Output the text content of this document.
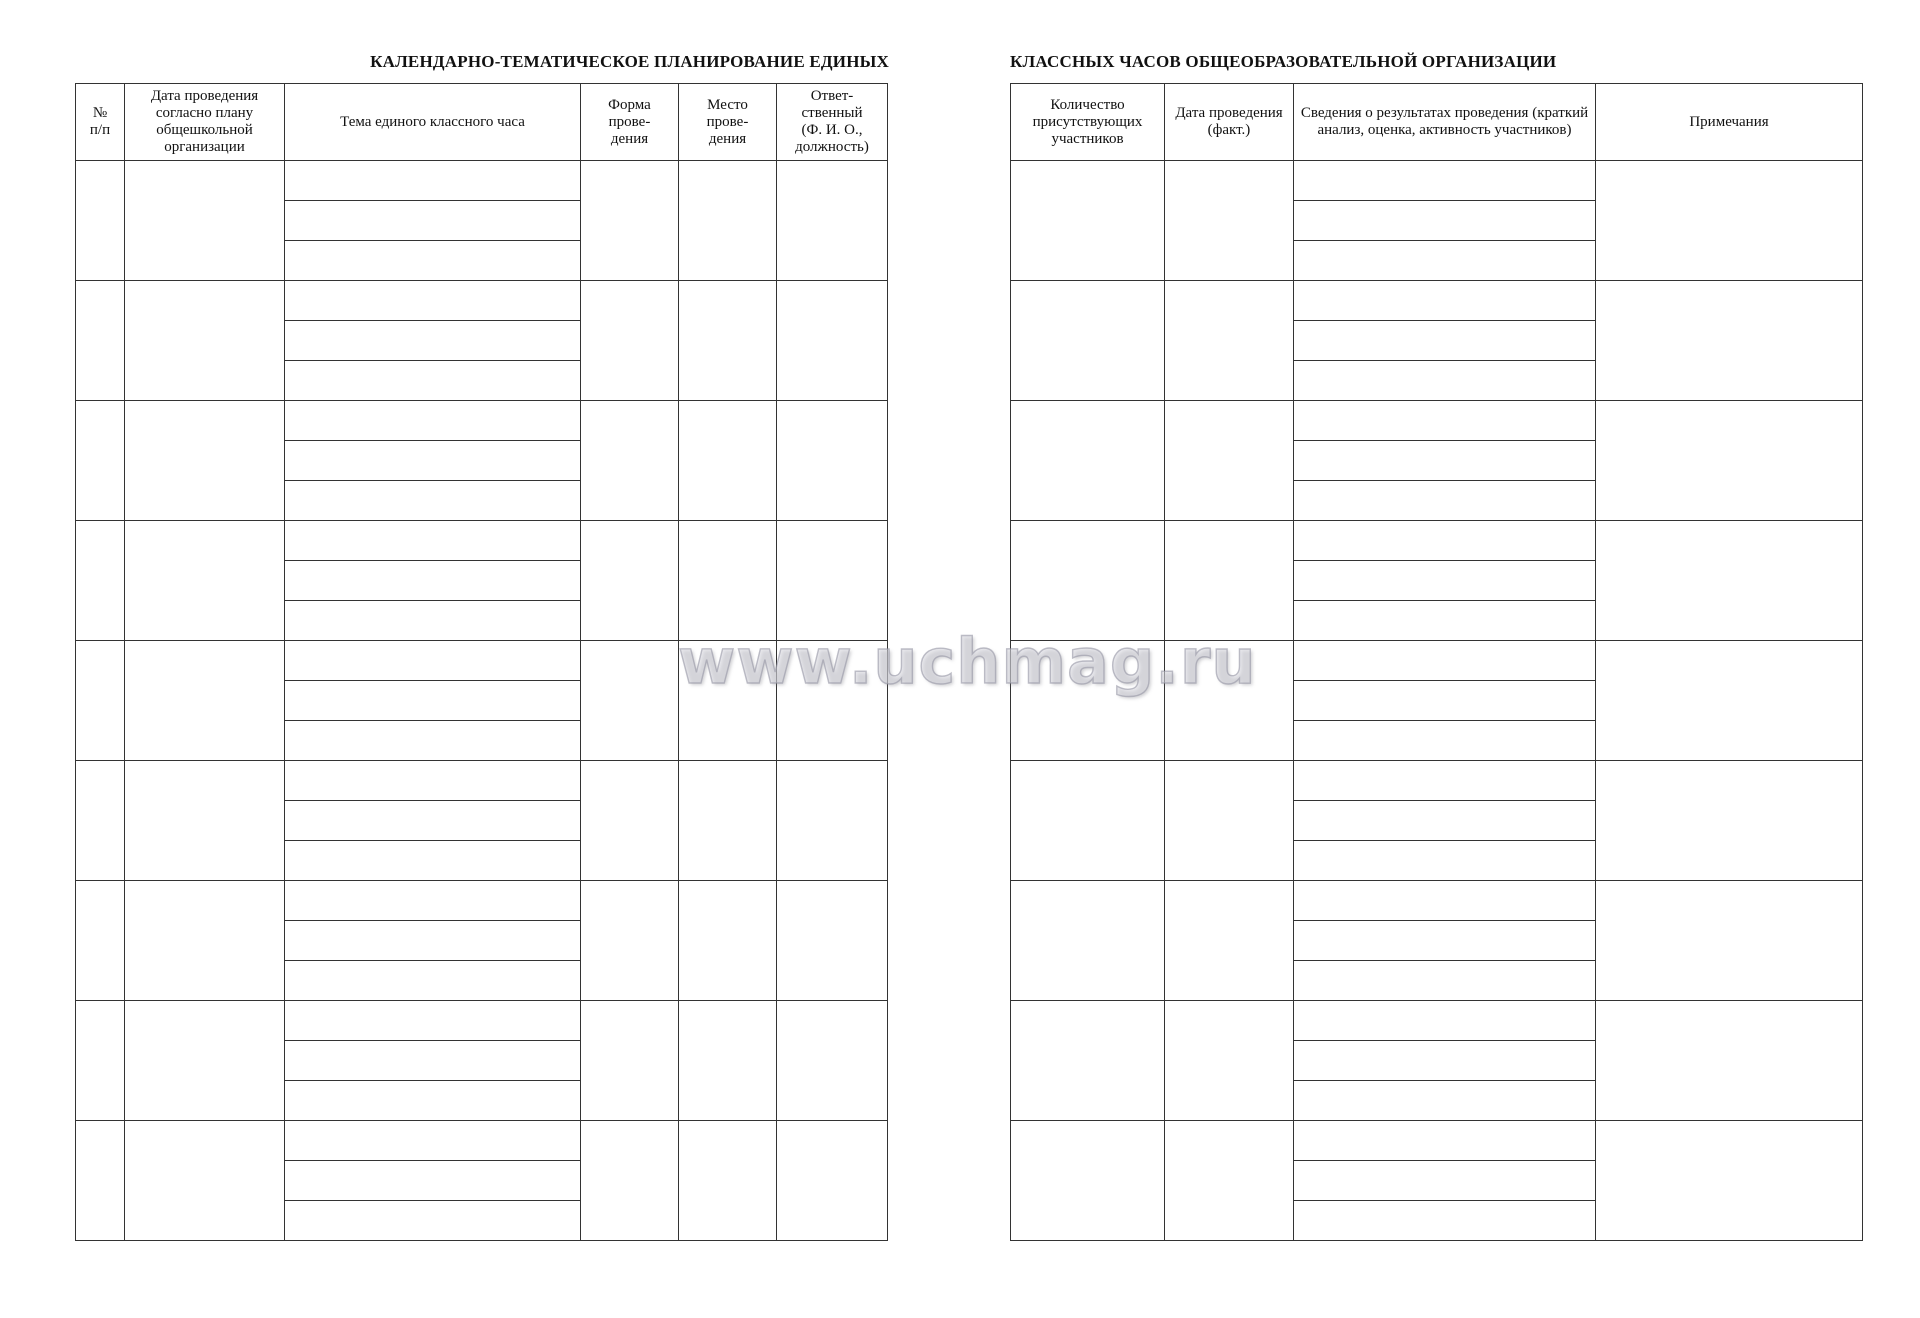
КАЛЕНДАРНО-ТЕМАТИЧЕСКОЕ ПЛАНИРОВАНИЕ ЕДИНЫХ	КЛАССНЫХ ЧАСОВ ОБЩЕОБРАЗОВАТЕЛЬНОЙ ОРГАНИЗАЦИИ
№
п/п	Дата проведения согласно плану общешкольной организации	Тема единого классного часа	Форма
прове-
дения	Место
прове-
дения	Ответ-
ственный
(Ф. И. О.,
должность)

Количество присутствующих участников	Дата проведения (факт.)	Сведения о результатах проведения (краткий анализ, оценка, активность участников)	Примечания

www.uchmag.ru
